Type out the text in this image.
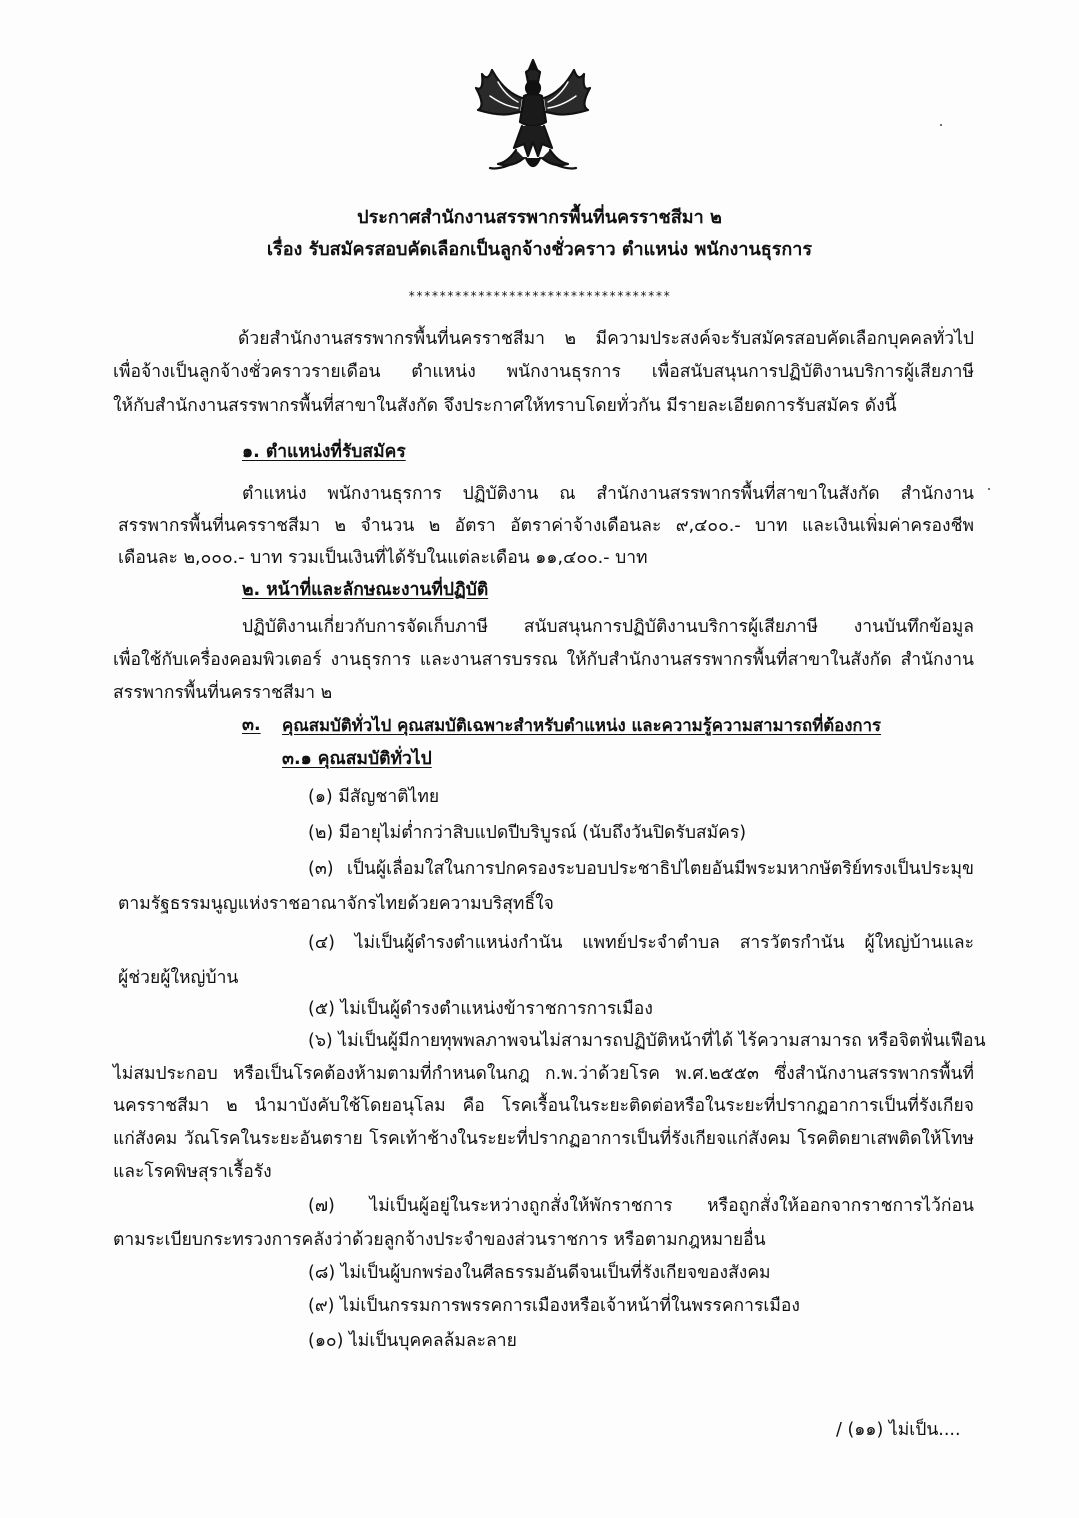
ประกาศสำนักงานสรรพากรพื้นที่นครราชสีมา ๒
เรื่อง รับสมัครสอบคัดเลือกเป็นลูกจ้างชั่วคราว ตำแหน่ง พนักงานธุรการ
**********************************
ด้วยสำนักงานสรรพากรพื้นที่นครราชสีมา ๒ มีความประสงค์จะรับสมัครสอบคัดเลือกบุคคลทั่วไป
เพื่อจ้างเป็นลูกจ้างชั่วคราวรายเดือน ตำแหน่ง พนักงานธุรการ เพื่อสนับสนุนการปฏิบัติงานบริการผู้เสียภาษี
ให้กับสำนักงานสรรพากรพื้นที่สาขาในสังกัด จึงประกาศให้ทราบโดยทั่วกัน มีรายละเอียดการรับสมัคร ดังนี้
๑. ตำแหน่งที่รับสมัคร
ตำแหน่ง พนักงานธุรการ ปฏิบัติงาน ณ สำนักงานสรรพากรพื้นที่สาขาในสังกัด สำนักงาน
สรรพากรพื้นที่นครราชสีมา ๒ จำนวน ๒ อัตรา อัตราค่าจ้างเดือนละ ๙,๔๐๐.- บาท และเงินเพิ่มค่าครองชีพ
เดือนละ ๒,๐๐๐.- บาท รวมเป็นเงินที่ได้รับในแต่ละเดือน ๑๑,๔๐๐.- บาท
๒. หน้าที่และลักษณะงานที่ปฏิบัติ
ปฏิบัติงานเกี่ยวกับการจัดเก็บภาษี สนับสนุนการปฏิบัติงานบริการผู้เสียภาษี งานบันทึกข้อมูล
เพื่อใช้กับเครื่องคอมพิวเตอร์ งานธุรการ และงานสารบรรณ ให้กับสำนักงานสรรพากรพื้นที่สาขาในสังกัด สำนักงาน
สรรพากรพื้นที่นครราชสีมา ๒
๓. คุณสมบัติทั่วไป คุณสมบัติเฉพาะสำหรับตำแหน่ง และความรู้ความสามารถที่ต้องการ
๓.๑ คุณสมบัติทั่วไป
(๑) มีสัญชาติไทย
(๒) มีอายุไม่ต่ำกว่าสิบแปดปีบริบูรณ์ (นับถึงวันปิดรับสมัคร)
(๓) เป็นผู้เลื่อมใสในการปกครองระบอบประชาธิปไตยอันมีพระมหากษัตริย์ทรงเป็นประมุข
ตามรัฐธรรมนูญแห่งราชอาณาจักรไทยด้วยความบริสุทธิ์ใจ
(๔) ไม่เป็นผู้ดำรงตำแหน่งกำนัน แพทย์ประจำตำบล สารวัตรกำนัน ผู้ใหญ่บ้านและ
ผู้ช่วยผู้ใหญ่บ้าน
(๕) ไม่เป็นผู้ดำรงตำแหน่งข้าราชการการเมือง
(๖) ไม่เป็นผู้มีกายทุพพลภาพจนไม่สามารถปฏิบัติหน้าที่ได้ ไร้ความสามารถ หรือจิตฟั่นเฟือน
ไม่สมประกอบ หรือเป็นโรคต้องห้ามตามที่กำหนดในกฎ ก.พ.ว่าด้วยโรค พ.ศ.๒๕๕๓ ซึ่งสำนักงานสรรพากรพื้นที่
นครราชสีมา ๒ นำมาบังคับใช้โดยอนุโลม คือ โรคเรื้อนในระยะติดต่อหรือในระยะที่ปรากฏอาการเป็นที่รังเกียจ
แก่สังคม วัณโรคในระยะอันตราย โรคเท้าช้างในระยะที่ปรากฏอาการเป็นที่รังเกียจแก่สังคม โรคติดยาเสพติดให้โทษ
และโรคพิษสุราเรื้อรัง
(๗) ไม่เป็นผู้อยู่ในระหว่างถูกสั่งให้พักราชการ หรือถูกสั่งให้ออกจากราชการไว้ก่อน
ตามระเบียบกระทรวงการคลังว่าด้วยลูกจ้างประจำของส่วนราชการ หรือตามกฎหมายอื่น
(๘) ไม่เป็นผู้บกพร่องในศีลธรรมอันดีจนเป็นที่รังเกียจของสังคม
(๙) ไม่เป็นกรรมการพรรคการเมืองหรือเจ้าหน้าที่ในพรรคการเมือง
(๑๐) ไม่เป็นบุคคลล้มละลาย
/ (๑๑) ไม่เป็น....
